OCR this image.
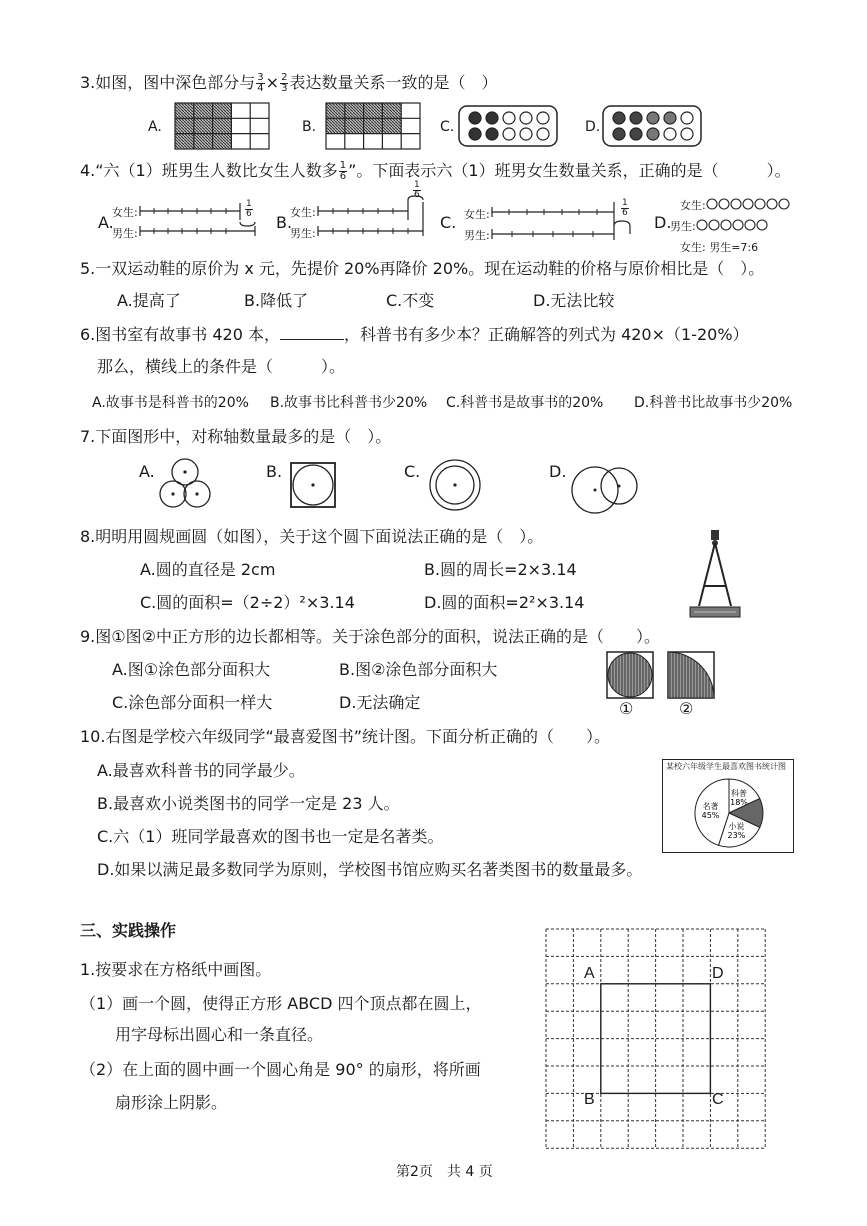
3.如图，图中深色部分与 $\frac{3}{4} \times \frac{2}{3}$ 表达数量关系一致的是（　）
A.	B.	C.	D.
4.“六（1）班男生人数比女生人数多 $\frac{1}{6}$ ”。下面表示六（1）班男女生数量关系，正确的是（　　　）。
A.
女生:
男生:
$\frac{1}{6}$
B.
女生:
男生:
$\frac{1}{6}$
C. 女生:
男生:
$\frac{1}{6}$	女生:
D.
男生:
女生: 男生=7:6
5.一双运动鞋的原价为 x 元，先提价 20%再降价 20%。现在运动鞋的价格与原价相比是（　）。
A.提高了	B.降低了	C.不变	D.无法比较
6.图书室有故事书 420 本，	，科普书有多少本？正确解答的列式为 420×（1-20%）
那么，横线上的条件是（　　　）。
A.故事书是科普书的20% B.故事书比科普书少20% C.科普书是故事书的20% D.科普书比故事书少20%
7.下面图形中，对称轴数量最多的是（　）。
A.	B.	C.	D.
8.明明用圆规画圆（如图），关于这个圆下面说法正确的是（　）。
A.圆的直径是 2cm	B.圆的周长=2×3.14
C.圆的面积=（2÷2）²×3.14	D.圆的面积=2²×3.14
9.图①图②中正方形的边长都相等。关于涂色部分的面积，说法正确的是（　　）。
A.图①涂色部分面积大	B.图②涂色部分面积大
C.涂色部分面积一样大	D.无法确定	①	②
10.右图是学校六年级同学“最喜爱图书”统计图。下面分析正确的（　　）。
A.最喜欢科普书的同学最少。
B.最喜欢小说类图书的同学一定是 23 人。
C.六（1）班同学最喜欢的图书也一定是名著类。
D.如果以满足最多数同学为原则，学校图书馆应购买名著类图书的数量最多。
某校六年级学生最喜欢图书统计图
科普
18%
小说
23%
名著
45%
三、实践操作
1.按要求在方格纸中画图。
（1）画一个圆，使得正方形 ABCD 四个顶点都在圆上，
用字母标出圆心和一条直径。
（2）在上面的圆中画一个圆心角是 90° 的扇形，将所画
扇形涂上阴影。
A	D
B	C
第2页　共 4 页
